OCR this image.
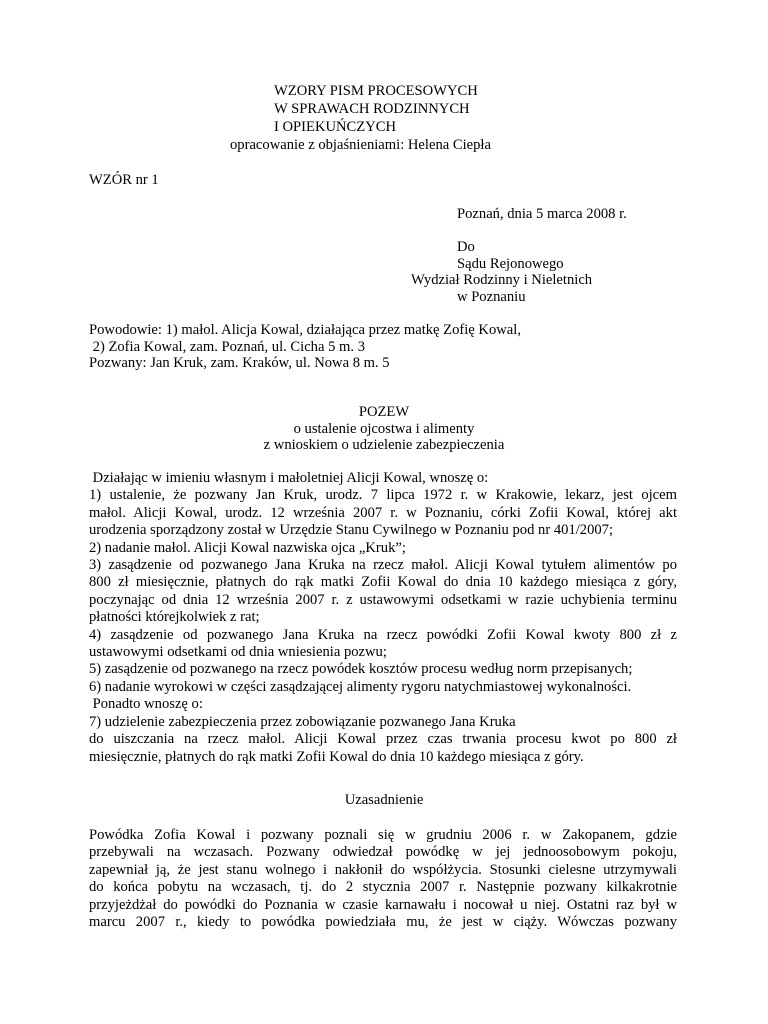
WZORY PISM PROCESOWYCH
W SPRAWACH RODZINNYCH
I OPIEKUŃCZYCH
opracowanie z objaśnieniami: Helena Ciepła
WZÓR nr 1
Poznań, dnia 5 marca 2008 r.
Do
Sądu Rejonowego
Wydział Rodzinny i Nieletnich
w Poznaniu
Powodowie: 1) małol. Alicja Kowal, działająca przez matkę Zofię Kowal,
2) Zofia Kowal, zam. Poznań, ul. Cicha 5 m. 3
Pozwany: Jan Kruk, zam. Kraków, ul. Nowa 8 m. 5
POZEW
o ustalenie ojcostwa i alimenty
z wnioskiem o udzielenie zabezpieczenia
Działając w imieniu własnym i małoletniej Alicji Kowal, wnoszę o:
1) ustalenie, że pozwany Jan Kruk, urodz. 7 lipca 1972 r. w Krakowie, lekarz, jest ojcem
małol. Alicji Kowal, urodz. 12 września 2007 r. w Poznaniu, córki Zofii Kowal, której akt
urodzenia sporządzony został w Urzędzie Stanu Cywilnego w Poznaniu pod nr 401/2007;
2) nadanie małol. Alicji Kowal nazwiska ojca „Kruk”;
3) zasądzenie od pozwanego Jana Kruka na rzecz małol. Alicji Kowal tytułem alimentów po
800 zł miesięcznie, płatnych do rąk matki Zofii Kowal do dnia 10 każdego miesiąca z góry,
poczynając od dnia 12 września 2007 r. z ustawowymi odsetkami w razie uchybienia terminu
płatności którejkolwiek z rat;
4) zasądzenie od pozwanego Jana Kruka na rzecz powódki Zofii Kowal kwoty 800 zł z
ustawowymi odsetkami od dnia wniesienia pozwu;
5) zasądzenie od pozwanego na rzecz powódek kosztów procesu według norm przepisanych;
6) nadanie wyrokowi w części zasądzającej alimenty rygoru natychmiastowej wykonalności.
Ponadto wnoszę o:
7) udzielenie zabezpieczenia przez zobowiązanie pozwanego Jana Kruka
do uiszczania na rzecz małol. Alicji Kowal przez czas trwania procesu kwot po 800 zł
miesięcznie, płatnych do rąk matki Zofii Kowal do dnia 10 każdego miesiąca z góry.
Uzasadnienie
Powódka Zofia Kowal i pozwany poznali się w grudniu 2006 r. w Zakopanem, gdzie
przebywali na wczasach. Pozwany odwiedzał powódkę w jej jednoosobowym pokoju,
zapewniał ją, że jest stanu wolnego i nakłonił do współżycia. Stosunki cielesne utrzymywali
do końca pobytu na wczasach, tj. do 2 stycznia 2007 r. Następnie pozwany kilkakrotnie
przyjeżdżał do powódki do Poznania w czasie karnawału i nocował u niej. Ostatni raz był w
marcu 2007 r., kiedy to powódka powiedziała mu, że jest w ciąży. Wówczas pozwany
